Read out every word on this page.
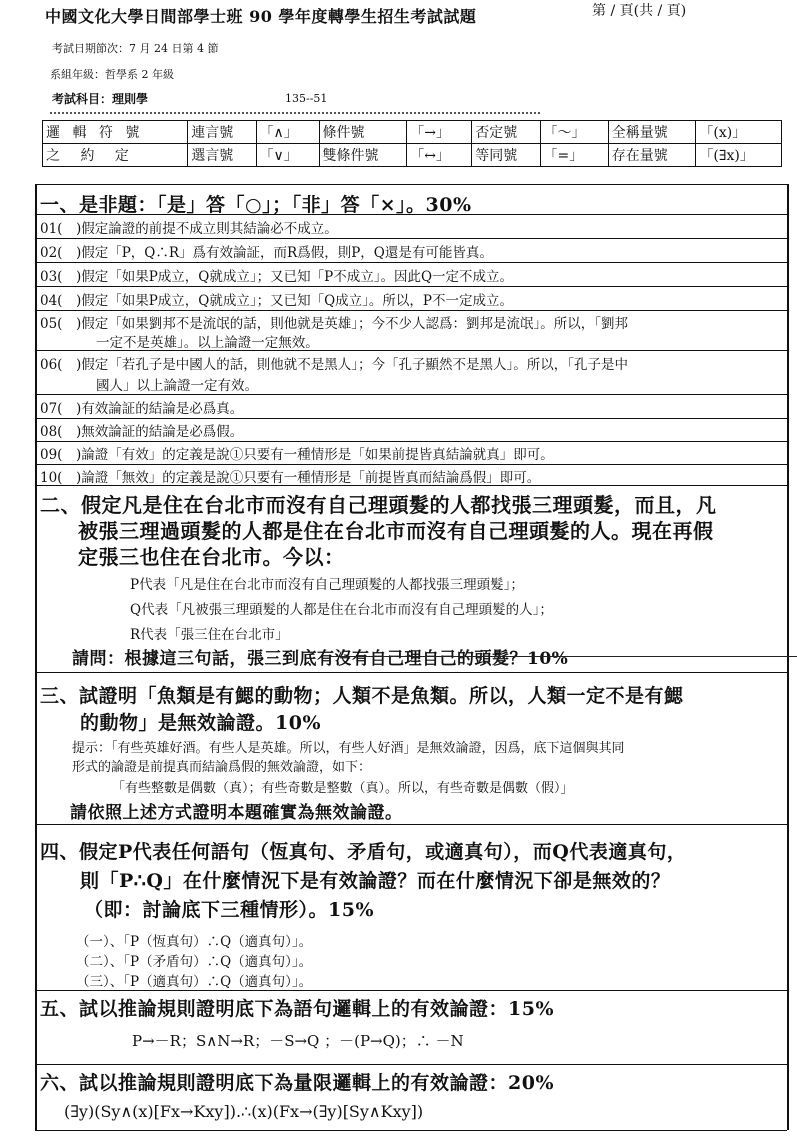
中國文化大學日間部學士班 90 學年度轉學生招生考試試題	第 / 頁(共 / 頁)
考試日期節次：7 月 24 日第 4 節
系組年級：哲學系 2 年級
考試科目：理則學	135--51
邏 輯 符 號	連言號	「∧」	條件號	「→」	否定號	「～」	全稱量號	「(x)」
之 約 定	選言號	「∨」	雙條件號	「↔」	等同號	「=」	存在量號	「(∃x)」
一、是非題：「是」答「○」；「非」答「×」。30%
01(　)假定論證的前提不成立則其結論必不成立。
02(　)假定「P，Q∴R」爲有效論証，而R爲假，則P，Q還是有可能皆真。
03(　)假定「如果P成立，Q就成立」；又已知「P不成立」。因此Q一定不成立。
04(　)假定「如果P成立，Q就成立」；又已知「Q成立」。所以，P不一定成立。
05(　)假定「如果劉邦不是流氓的話，則他就是英雄」；今不少人認爲：劉邦是流氓」。所以，「劉邦
一定不是英雄」。以上論證一定無效。
06(　)假定「若孔子是中國人的話，則他就不是黑人」；今「孔子顯然不是黑人」。所以，「孔子是中
國人」以上論證一定有效。
07(　)有效論証的結論是必爲真。
08(　)無效論証的結論是必爲假。
09(　)論證「有效」的定義是說①只要有一種情形是「如果前提皆真結論就真」即可。
10(　)論證「無效」的定義是說①只要有一種情形是「前提皆真而結論爲假」即可。
二、假定凡是住在台北市而沒有自己理頭髮的人都找張三理頭髮，而且，凡
被張三理過頭髮的人都是住在台北市而沒有自己理頭髮的人。現在再假
定張三也住在台北市。今以：
P代表「凡是住在台北市而沒有自己理頭髮的人都找張三理頭髮」；
Q代表「凡被張三理頭髮的人都是住在台北市而沒有自己理頭髮的人」；
R代表「張三住在台北市」
請問：根據這三句話，張三到底有沒有自己理自己的頭髮？10%
三、試證明「魚類是有鰓的動物；人類不是魚類。所以，人類一定不是有鰓
的動物」是無效論證。10%
提示：「有些英雄好酒。有些人是英雄。所以，有些人好酒」是無效論證，因爲，底下這個與其同
形式的論證是前提真而結論爲假的無效論證，如下：
「有些整數是偶數（真）；有些奇數是整數（真）。所以，有些奇數是偶數（假）」
請依照上述方式證明本題確實為無效論證。
四、假定P代表任何語句（恆真句、矛盾句，或適真句），而Q代表適真句，
則「P∴Q」在什麼情況下是有效論證？而在什麼情況下卻是無效的？
（即：討論底下三種情形）。15%
（一）、「P（恆真句）∴Q（適真句）」。
（二）、「P（矛盾句）∴Q（適真句）」。
（三）、「P（適真句）∴Q（適真句）」。
五、試以推論規則證明底下為語句邏輯上的有效論證：15%
P→－R；S∧N→R；－S→Q ；－(P→Q)；∴ －N
六、試以推論規則證明底下為量限邏輯上的有效論證：20%
(∃y)(Sy∧(x)[Fx→Kxy]).∴(x)(Fx→(∃y)[Sy∧Kxy])
